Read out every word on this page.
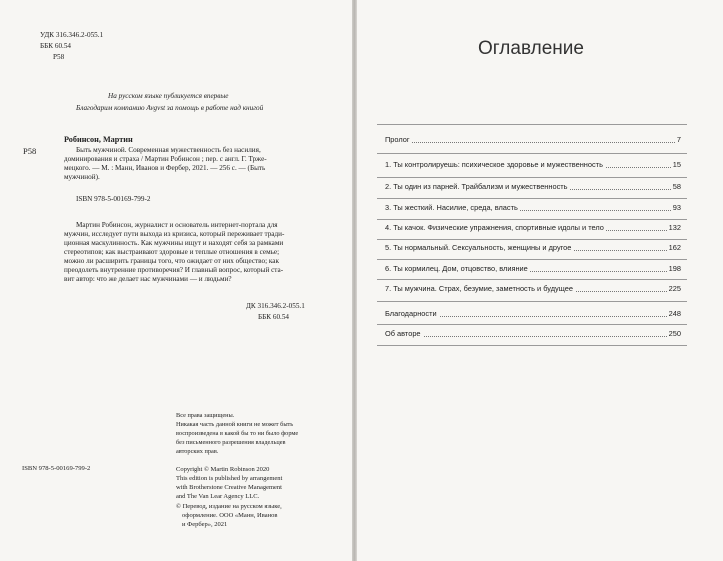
УДК 316.346.2-055.1
ББК 60.54
Р58
На русском языке публикуется впервые
Благодарим компанию Avgvst за помощь в работе над книгой
Р58
Робинсон, Мартин
Быть мужчиной. Современная мужественность без насилия,
доминирования и страха / Мартин Робинсон ; пер. с англ. Г. Тржe-
мецкого. — М. : Манн, Иванов и Фербер, 2021. — 256 с. — (Быть
мужчиной).
ISBN 978-5-00169-799-2
Мартин Робинсон, журналист и основатель интернет-портала для
мужчин, исследует пути выхода из кризиса, который переживает тради-
ционная маскулинность. Как мужчины ищут и находят себя за рамками
стереотипов; как выстраивают здоровые и теплые отношения в семье;
можно ли расширить границы того, что ожидает от них общество; как
преодолеть внутренние противоречия? И главный вопрос, который ста-
вит автор: что же делает нас мужчинами — и людьми?
ДК 316.346.2-055.1
ББК 60.54
Все права защищены.
Никакая часть данной книги не может быть
воспроизведена в какой бы то ни было форме
без письменного разрешения владельцев
авторских прав.
ISBN 978-5-00169-799-2	Copyright © Martin Robinson 2020
This edition is published by arrangement
with Brotherstone Creative Management
and The Van Lear Agency LLC.
© Перевод, издание на русском языке,
оформление. ООО «Манн, Иванов
и Фербер», 2021
Оглавление
Пролог	7
1. Ты контролируешь: психическое здоровье и мужественность	15
2. Ты один из парней. Трайбализм и мужественность	58
3. Ты жесткий. Насилие, среда, власть	93
4. Ты качок. Физические упражнения, спортивные идолы и тело	132
5. Ты нормальный. Сексуальность, женщины и другое	162
6. Ты кормилец. Дом, отцовство, влияние	198
7. Ты мужчина. Страх, безумие, заметность и будущее	225
Благодарности	248
Об авторе	250
